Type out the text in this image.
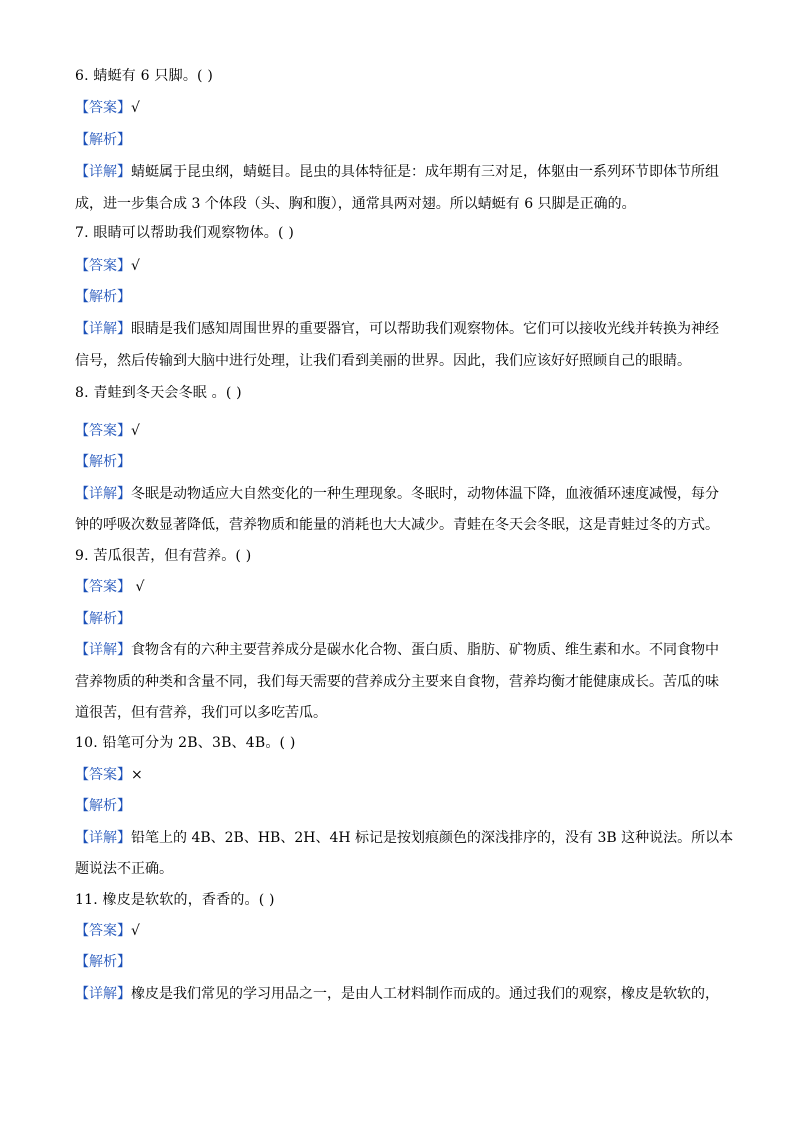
6. 蜻蜓有 6 只脚。( )
【答案】√
【解析】
【详解】蜻蜓属于昆虫纲，蜻蜓目。昆虫的具体特征是：成年期有三对足，体躯由一系列环节即体节所组
成，进一步集合成 3 个体段（头、胸和腹），通常具两对翅。所以蜻蜓有 6 只脚是正确的。
7. 眼睛可以帮助我们观察物体。( )
【答案】√
【解析】
【详解】眼睛是我们感知周围世界的重要器官，可以帮助我们观察物体。它们可以接收光线并转换为神经
信号，然后传输到大脑中进行处理，让我们看到美丽的世界。因此，我们应该好好照顾自己的眼睛。
8. 青蛙到冬天会冬眠 。( )
【答案】√
【解析】
【详解】冬眠是动物适应大自然变化的一种生理现象。冬眠时，动物体温下降，血液循环速度减慢，每分
钟的呼吸次数显著降低，营养物质和能量的消耗也大大减少。青蛙在冬天会冬眠，这是青蛙过冬的方式。
9. 苦瓜很苦，但有营养。( )
【答案】 √
【解析】
【详解】食物含有的六种主要营养成分是碳水化合物、蛋白质、脂肪、矿物质、维生素和水。不同食物中
营养物质的种类和含量不同，我们每天需要的营养成分主要来自食物，营养均衡才能健康成长。苦瓜的味
道很苦，但有营养，我们可以多吃苦瓜。
10. 铅笔可分为 2B、3B、4B。( )
【答案】×
【解析】
【详解】铅笔上的 4B、2B、HB、2H、4H 标记是按划痕颜色的深浅排序的，没有 3B 这种说法。所以本
题说法不正确。
11. 橡皮是软软的，香香的。( )
【答案】√
【解析】
【详解】橡皮是我们常见的学习用品之一，是由人工材料制作而成的。通过我们的观察，橡皮是软软的，
